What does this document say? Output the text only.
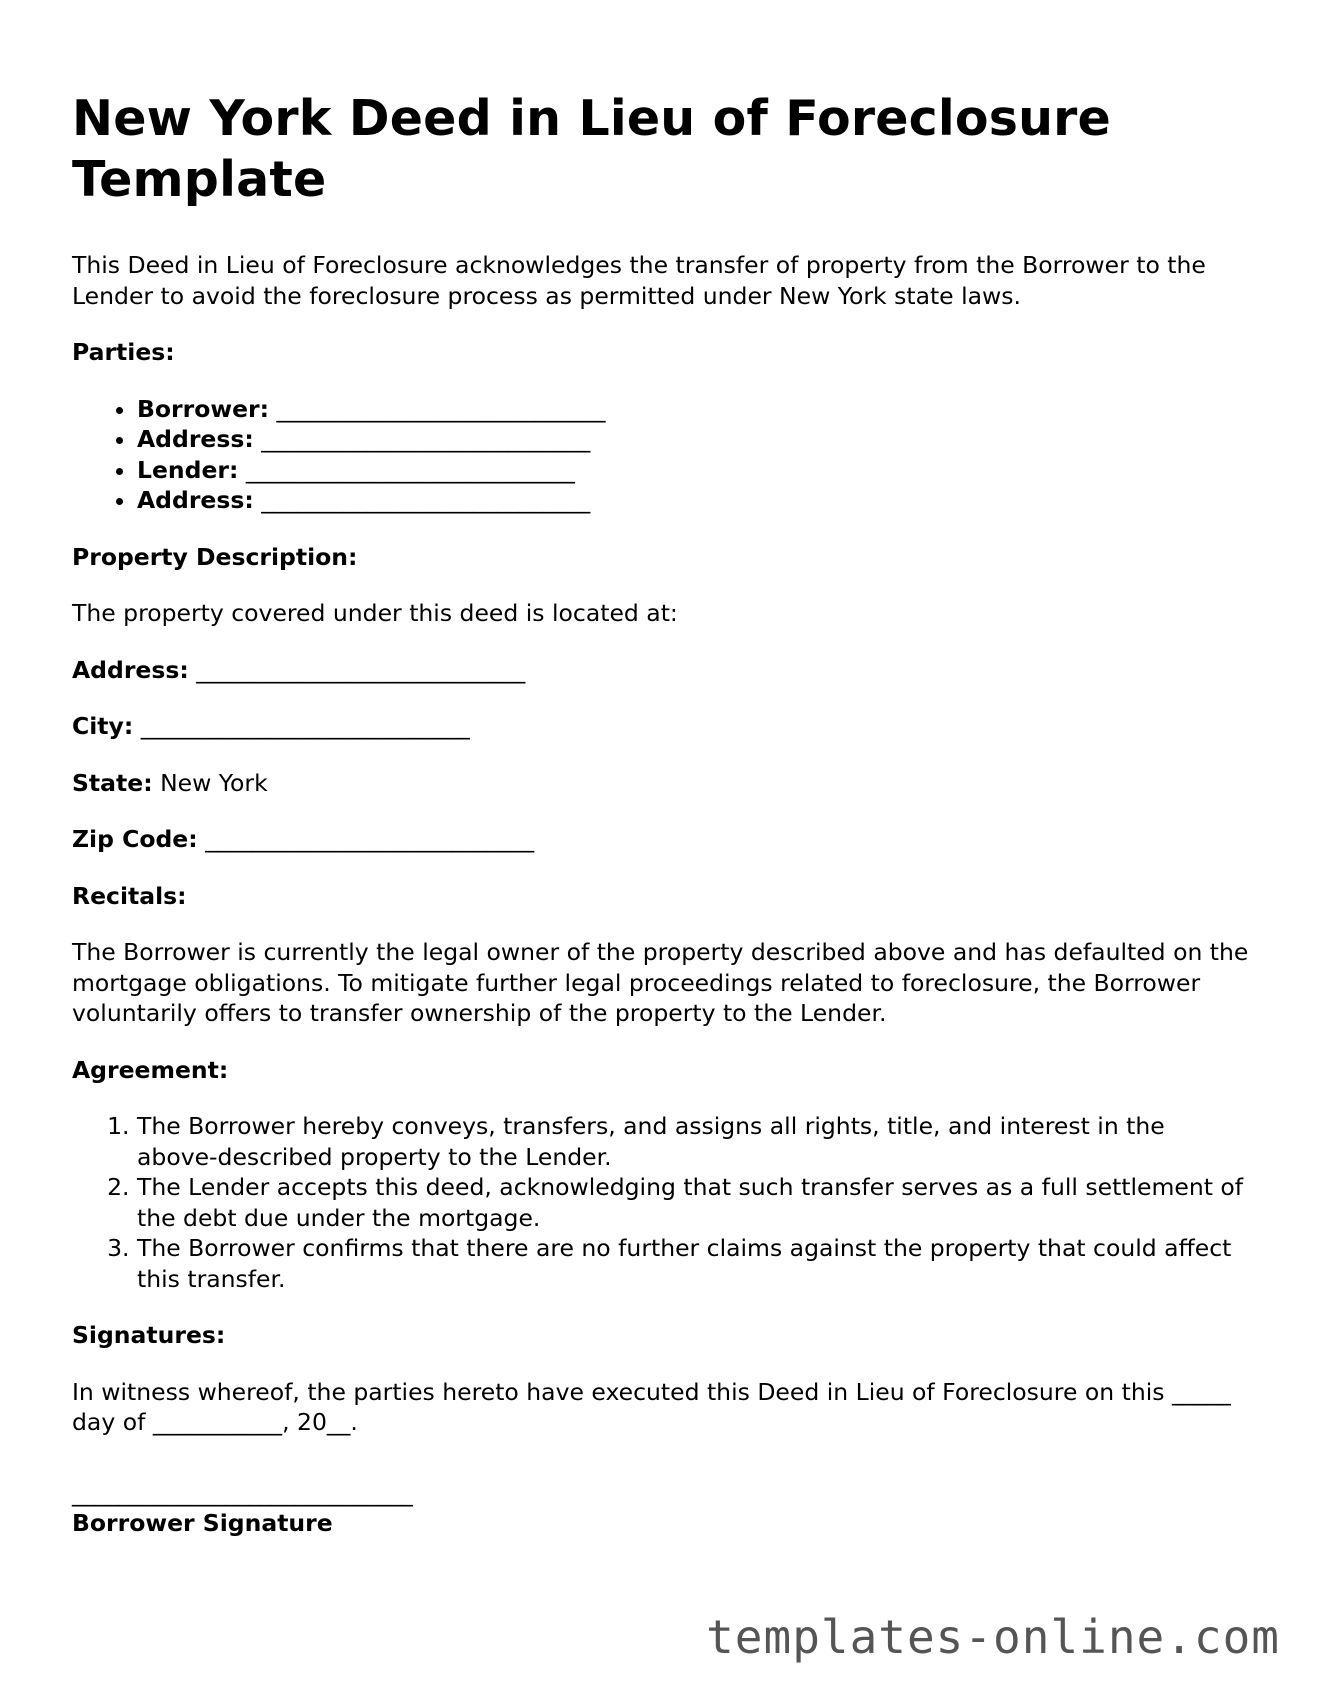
New York Deed in Lieu of Foreclosure Template

This Deed in Lieu of Foreclosure acknowledges the transfer of property from the Borrower to the Lender to avoid the foreclosure process as permitted under New York state laws.

Parties:

• Borrower: ____________________________
• Address: ____________________________
• Lender: ____________________________
• Address: ____________________________

Property Description:

The property covered under this deed is located at:

Address: ____________________________

City: ____________________________

State: New York

Zip Code: ____________________________

Recitals:

The Borrower is currently the legal owner of the property described above and has defaulted on the mortgage obligations. To mitigate further legal proceedings related to foreclosure, the Borrower voluntarily offers to transfer ownership of the property to the Lender.

Agreement:

1. The Borrower hereby conveys, transfers, and assigns all rights, title, and interest in the above-described property to the Lender.
2. The Lender accepts this deed, acknowledging that such transfer serves as a full settlement of the debt due under the mortgage.
3. The Borrower confirms that there are no further claims against the property that could affect this transfer.

Signatures:

In witness whereof, the parties hereto have executed this Deed in Lieu of Foreclosure on this _____ day of ___________, 20__.

_____________________________
Borrower Signature
templates-online.com
